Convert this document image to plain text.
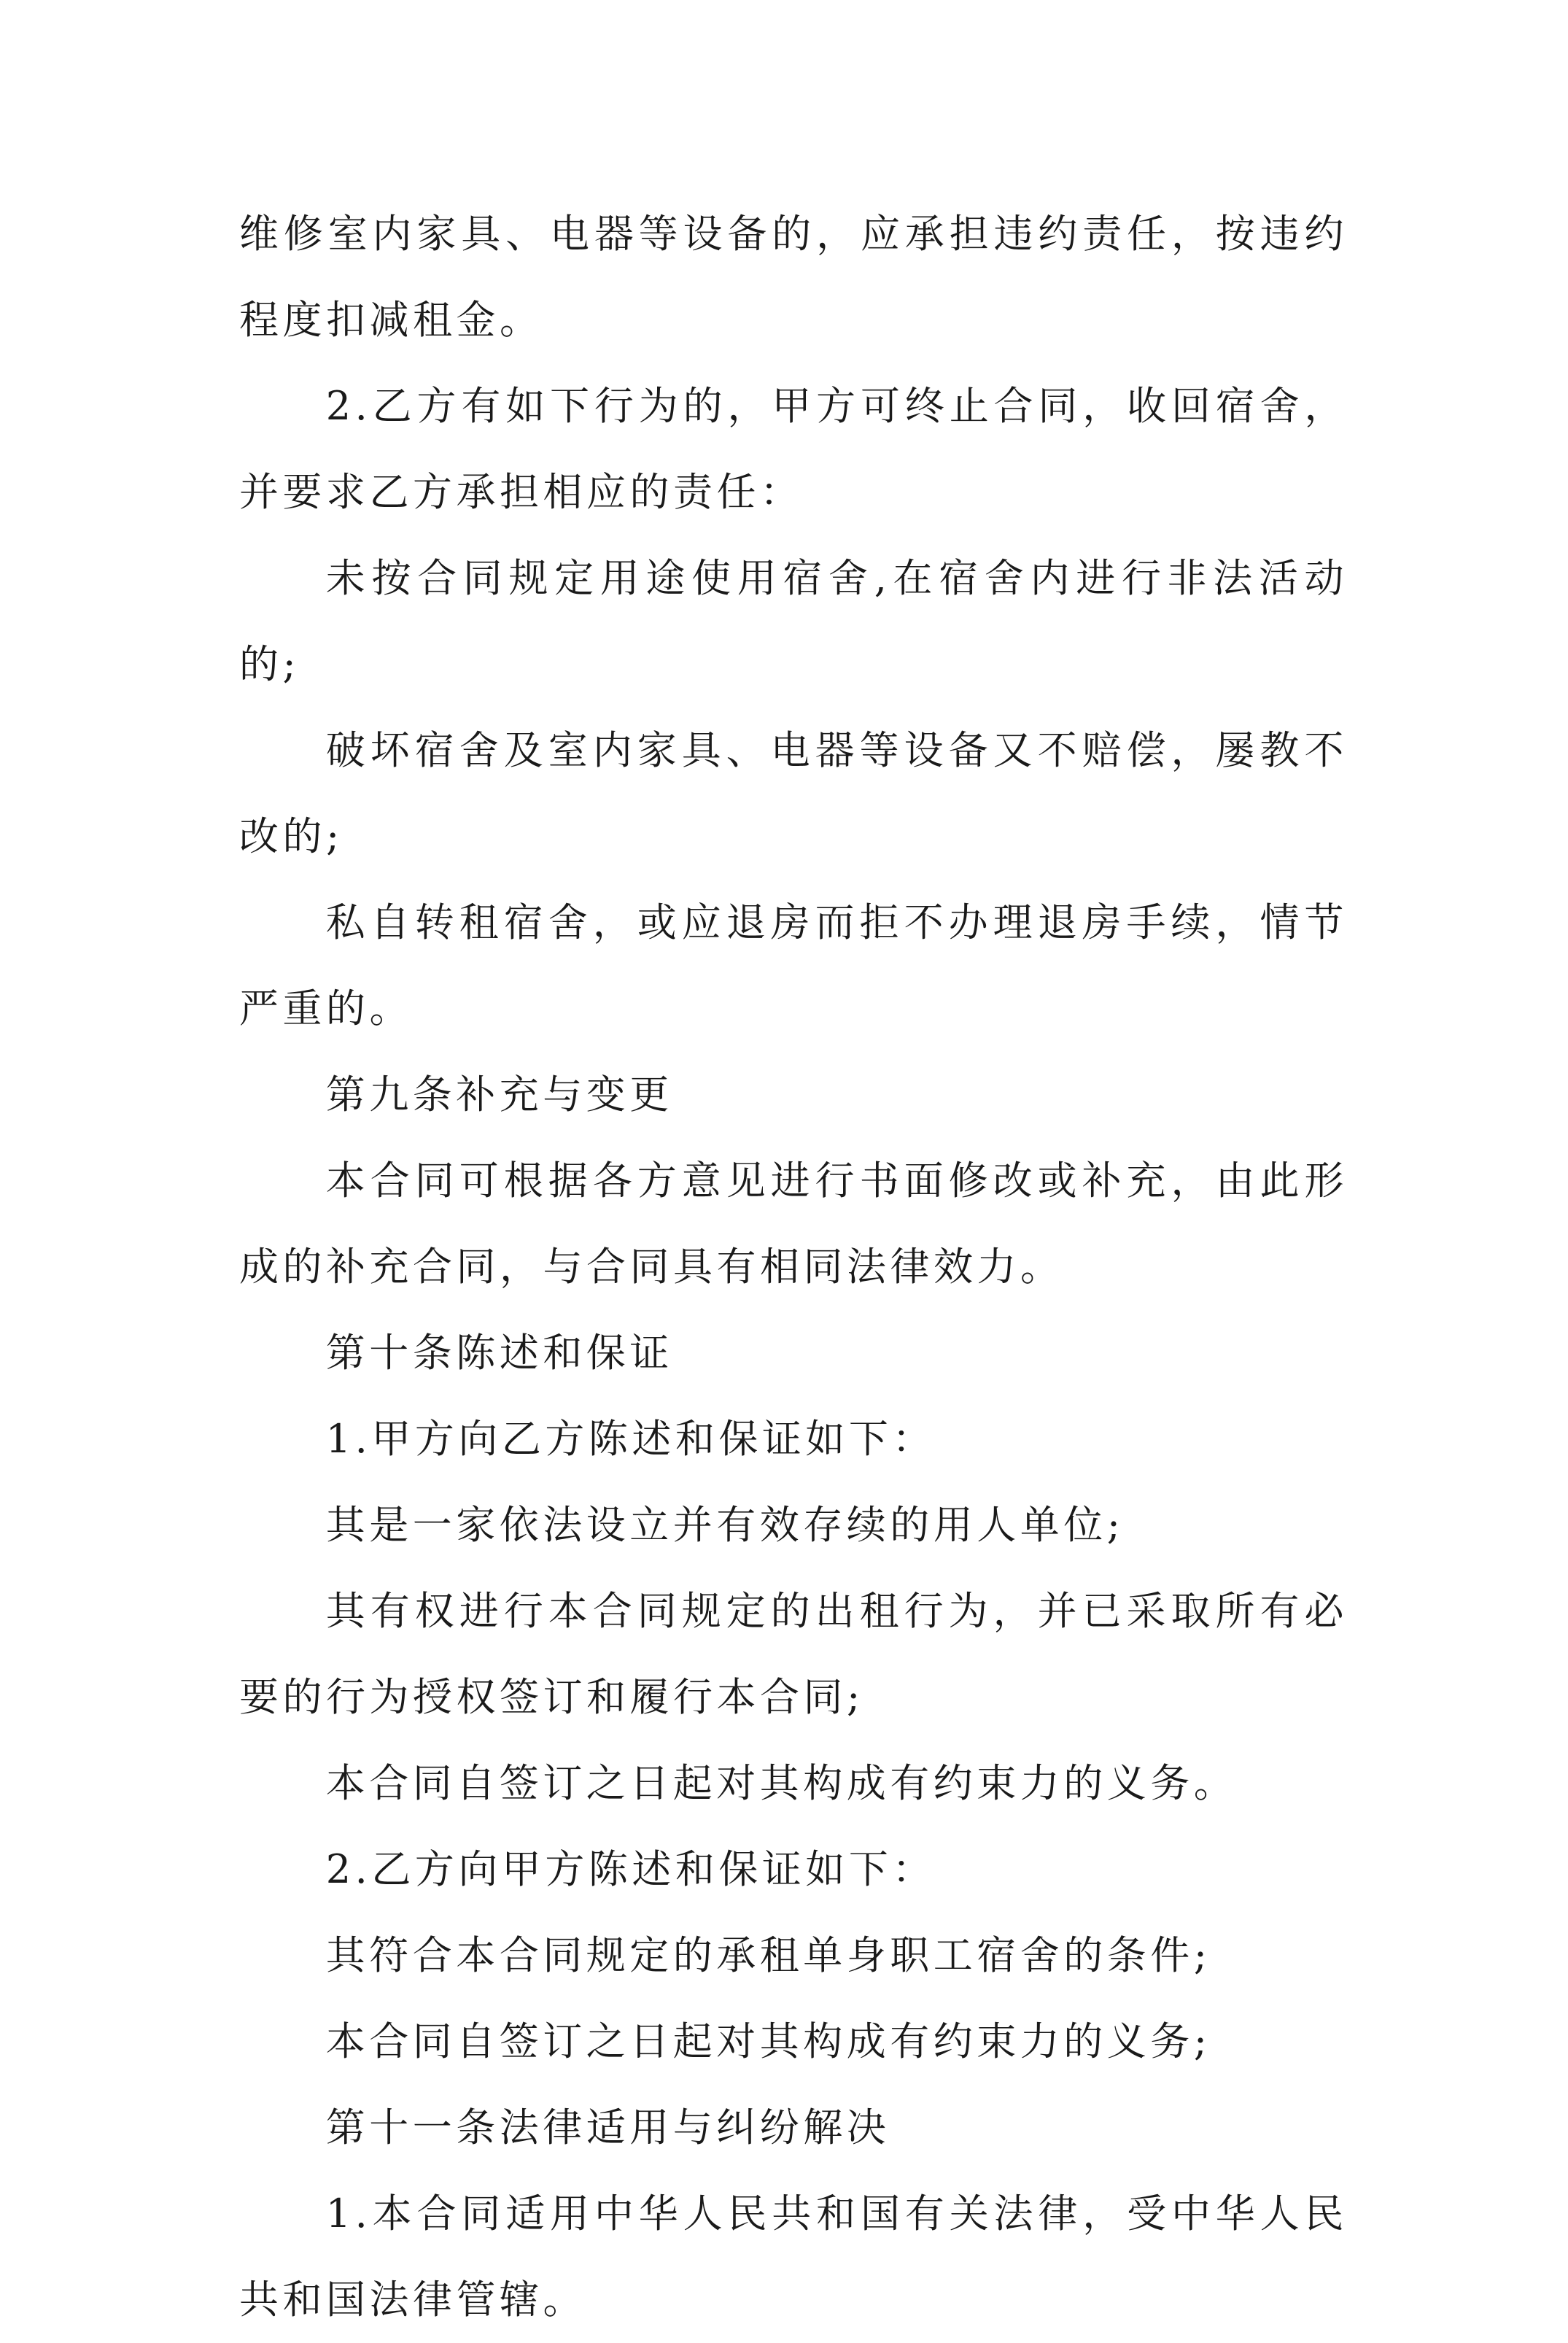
维修室内家具、电器等设备的，应承担违约责任，按违约程度扣减租金。

2.乙方有如下行为的，甲方可终止合同，收回宿舍，并要求乙方承担相应的责任：

未按合同规定用途使用宿舍,在宿舍内进行非法活动的;

破坏宿舍及室内家具、电器等设备又不赔偿，屡教不改的;

私自转租宿舍，或应退房而拒不办理退房手续，情节严重的。

第九条补充与变更

本合同可根据各方意见进行书面修改或补充，由此形成的补充合同，与合同具有相同法律效力。

第十条陈述和保证

1.甲方向乙方陈述和保证如下：

其是一家依法设立并有效存续的用人单位;

其有权进行本合同规定的出租行为，并已采取所有必要的行为授权签订和履行本合同;

本合同自签订之日起对其构成有约束力的义务。

2.乙方向甲方陈述和保证如下：

其符合本合同规定的承租单身职工宿舍的条件;

本合同自签订之日起对其构成有约束力的义务;

第十一条法律适用与纠纷解决

1.本合同适用中华人民共和国有关法律，受中华人民共和国法律管辖。
